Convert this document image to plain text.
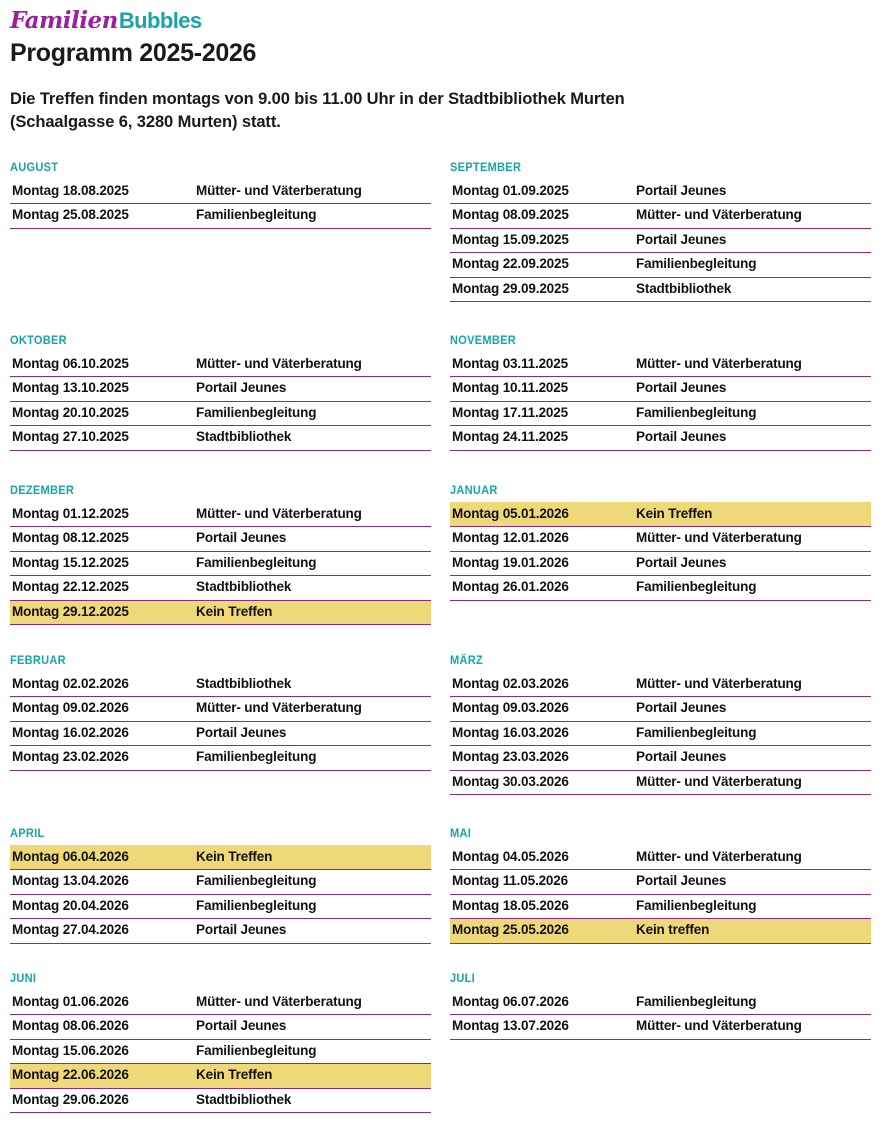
FamilienBubbles
Programm 2025-2026
Die Treffen finden montags von 9.00 bis 11.00 Uhr in der Stadtbibliothek Murten
(Schaalgasse 6, 3280 Murten) statt.
AUGUST
Montag 18.08.2025	Mütter- und Väterberatung
Montag 25.08.2025	Familienbegleitung
SEPTEMBER
Montag 01.09.2025	Portail Jeunes
Montag 08.09.2025	Mütter- und Väterberatung
Montag 15.09.2025	Portail Jeunes
Montag 22.09.2025	Familienbegleitung
Montag 29.09.2025	Stadtbibliothek
OKTOBER
Montag 06.10.2025	Mütter- und Väterberatung
Montag 13.10.2025	Portail Jeunes
Montag 20.10.2025	Familienbegleitung
Montag 27.10.2025	Stadtbibliothek
NOVEMBER
Montag 03.11.2025	Mütter- und Väterberatung
Montag 10.11.2025	Portail Jeunes
Montag 17.11.2025	Familienbegleitung
Montag 24.11.2025	Portail Jeunes
DEZEMBER
Montag 01.12.2025	Mütter- und Väterberatung
Montag 08.12.2025	Portail Jeunes
Montag 15.12.2025	Familienbegleitung
Montag 22.12.2025	Stadtbibliothek
Montag 29.12.2025	Kein Treffen
JANUAR
Montag 05.01.2026	Kein Treffen
Montag 12.01.2026	Mütter- und Väterberatung
Montag 19.01.2026	Portail Jeunes
Montag 26.01.2026	Familienbegleitung
FEBRUAR
Montag 02.02.2026	Stadtbibliothek
Montag 09.02.2026	Mütter- und Väterberatung
Montag 16.02.2026	Portail Jeunes
Montag 23.02.2026	Familienbegleitung
MÄRZ
Montag 02.03.2026	Mütter- und Väterberatung
Montag 09.03.2026	Portail Jeunes
Montag 16.03.2026	Familienbegleitung
Montag 23.03.2026	Portail Jeunes
Montag 30.03.2026	Mütter- und Väterberatung
APRIL
Montag 06.04.2026	Kein Treffen
Montag 13.04.2026	Familienbegleitung
Montag 20.04.2026	Familienbegleitung
Montag 27.04.2026	Portail Jeunes
MAI
Montag 04.05.2026	Mütter- und Väterberatung
Montag 11.05.2026	Portail Jeunes
Montag 18.05.2026	Familienbegleitung
Montag 25.05.2026	Kein treffen
JUNI
Montag 01.06.2026	Mütter- und Väterberatung
Montag 08.06.2026	Portail Jeunes
Montag 15.06.2026	Familienbegleitung
Montag 22.06.2026	Kein Treffen
Montag 29.06.2026	Stadtbibliothek
JULI
Montag 06.07.2026	Familienbegleitung
Montag 13.07.2026	Mütter- und Väterberatung
